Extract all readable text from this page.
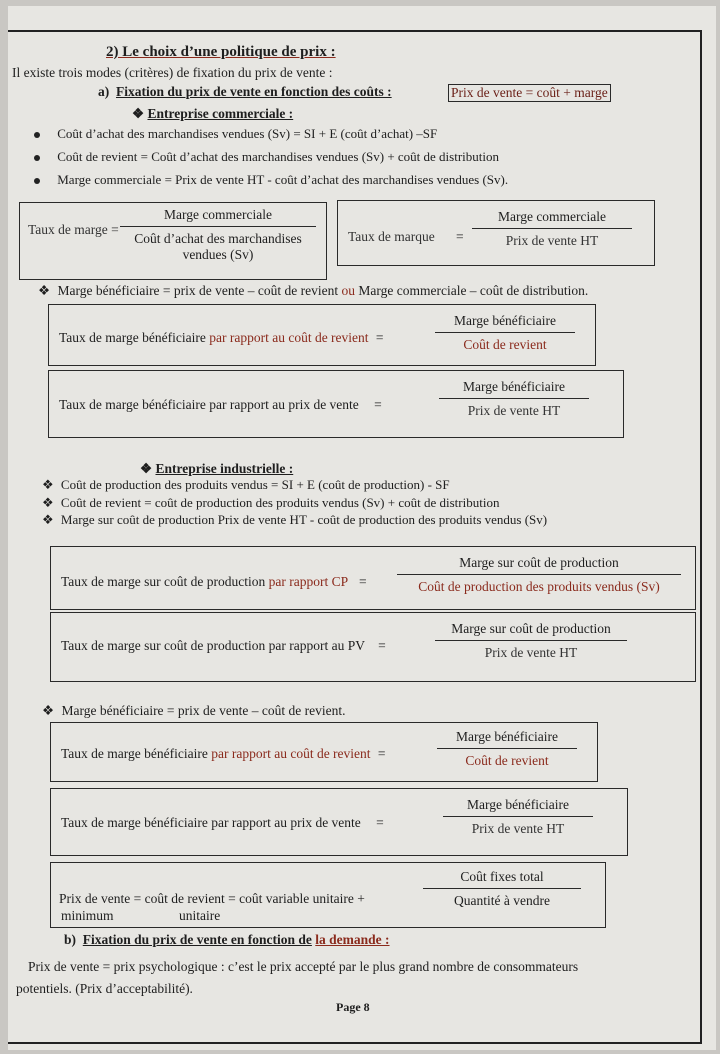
2) Le choix d’une politique de prix :
Il existe trois modes (critères) de fixation du prix de vente :
a) Fixation du prix de vente en fonction des coûts :	Prix de vente = coût + marge
❖ Entreprise commerciale :
Coût d’achat des marchandises vendues (Sv) = SI + E (coût d’achat) –SF
Coût de revient = Coût d’achat des marchandises vendues (Sv) + coût de distribution
Marge commerciale = Prix de vente HT - coût d’achat des marchandises vendues (Sv).
Taux de marge =
Marge commerciale
Coût d’achat des marchandises
vendues (Sv)
Taux de marque =
Marge commerciale
Prix de vente HT
❖ Marge bénéficiaire = prix de vente – coût de revient ou Marge commerciale – coût de distribution.
Taux de marge bénéficiaire par rapport au coût de revient =
Marge bénéficiaire
Coût de revient
Taux de marge bénéficiaire par rapport au prix de vente =
Marge bénéficiaire
Prix de vente HT
❖ Entreprise industrielle :
❖ Coût de production des produits vendus = SI + E (coût de production) - SF
❖ Coût de revient = coût de production des produits vendus (Sv) + coût de distribution
❖ Marge sur coût de production Prix de vente HT - coût de production des produits vendus (Sv)
Taux de marge sur coût de production par rapport CP =
Marge sur coût de production
Coût de production des produits vendus (Sv)
Taux de marge sur coût de production par rapport au PV =
Marge sur coût de production
Prix de vente HT
❖ Marge bénéficiaire = prix de vente – coût de revient.
Taux de marge bénéficiaire par rapport au coût de revient =
Marge bénéficiaire
Coût de revient
Taux de marge bénéficiaire par rapport au prix de vente =
Marge bénéficiaire
Prix de vente HT
Prix de vente = coût de revient = coût variable unitaire +
minimum	unitaire
Coût fixes total
Quantité à vendre
b) Fixation du prix de vente en fonction de la demande :
Prix de vente = prix psychologique : c’est le prix accepté par le plus grand nombre de consommateurs
potentiels. (Prix d’acceptabilité).
Page 8
